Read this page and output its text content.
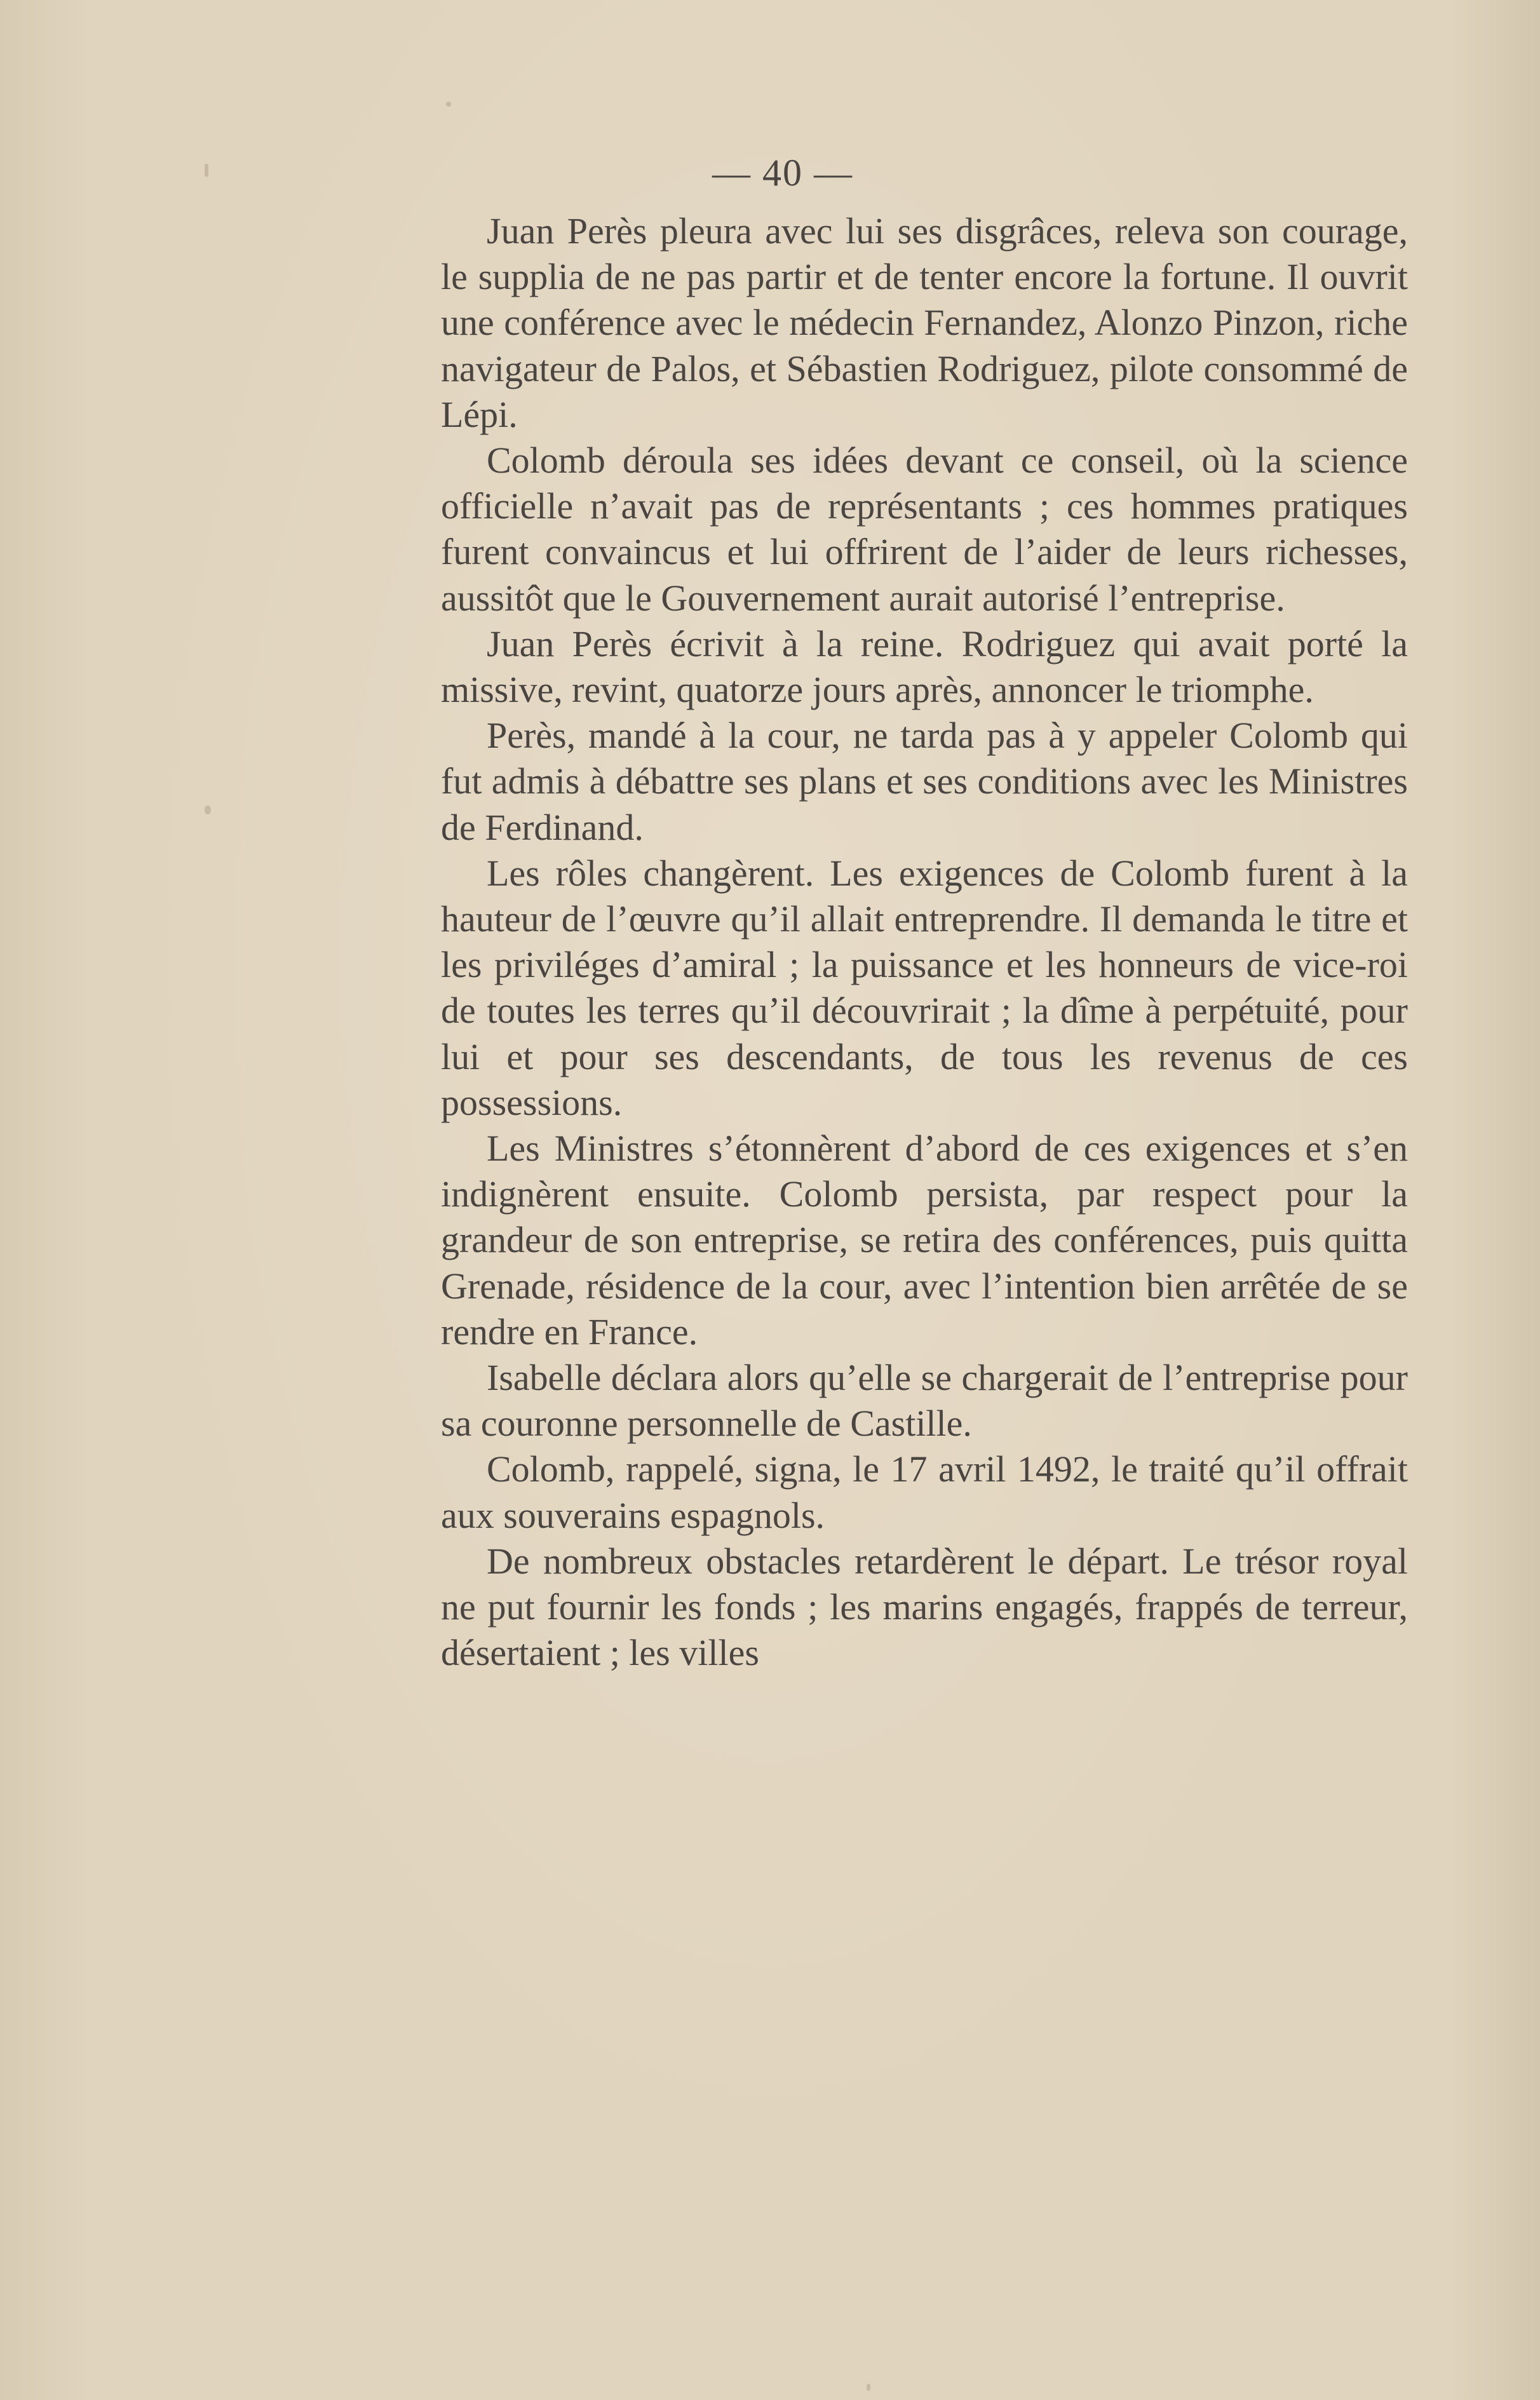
— 40 —

Juan Perès pleura avec lui ses disgrâces, releva son courage, le supplia de ne pas partir et de tenter encore la fortune. Il ouvrit une conférence avec le médecin Fernandez, Alonzo Pinzon, riche navigateur de Palos, et Sébastien Rodriguez, pilote consommé de Lépi.

Colomb déroula ses idées devant ce conseil, où la science officielle n’avait pas de représentants ; ces hommes pratiques furent convaincus et lui offrirent de l’aider de leurs richesses, aussitôt que le Gouvernement aurait autorisé l’entreprise.

Juan Perès écrivit à la reine. Rodriguez qui avait porté la missive, revint, quatorze jours après, annoncer le triomphe.

Perès, mandé à la cour, ne tarda pas à y appeler Colomb qui fut admis à débattre ses plans et ses conditions avec les Ministres de Ferdinand.

Les rôles changèrent. Les exigences de Colomb furent à la hauteur de l’œuvre qu’il allait entreprendre. Il demanda le titre et les priviléges d’amiral ; la puissance et les honneurs de vice-roi de toutes les terres qu’il découvrirait ; la dîme à perpétuité, pour lui et pour ses descendants, de tous les revenus de ces possessions.

Les Ministres s’étonnèrent d’abord de ces exigences et s’en indignèrent ensuite. Colomb persista, par respect pour la grandeur de son entreprise, se retira des conférences, puis quitta Grenade, résidence de la cour, avec l’intention bien arrêtée de se rendre en France.

Isabelle déclara alors qu’elle se chargerait de l’entreprise pour sa couronne personnelle de Castille.

Colomb, rappelé, signa, le 17 avril 1492, le traité qu’il offrait aux souverains espagnols.

De nombreux obstacles retardèrent le départ. Le trésor royal ne put fournir les fonds ; les marins engagés, frappés de terreur, désertaient ; les villes
